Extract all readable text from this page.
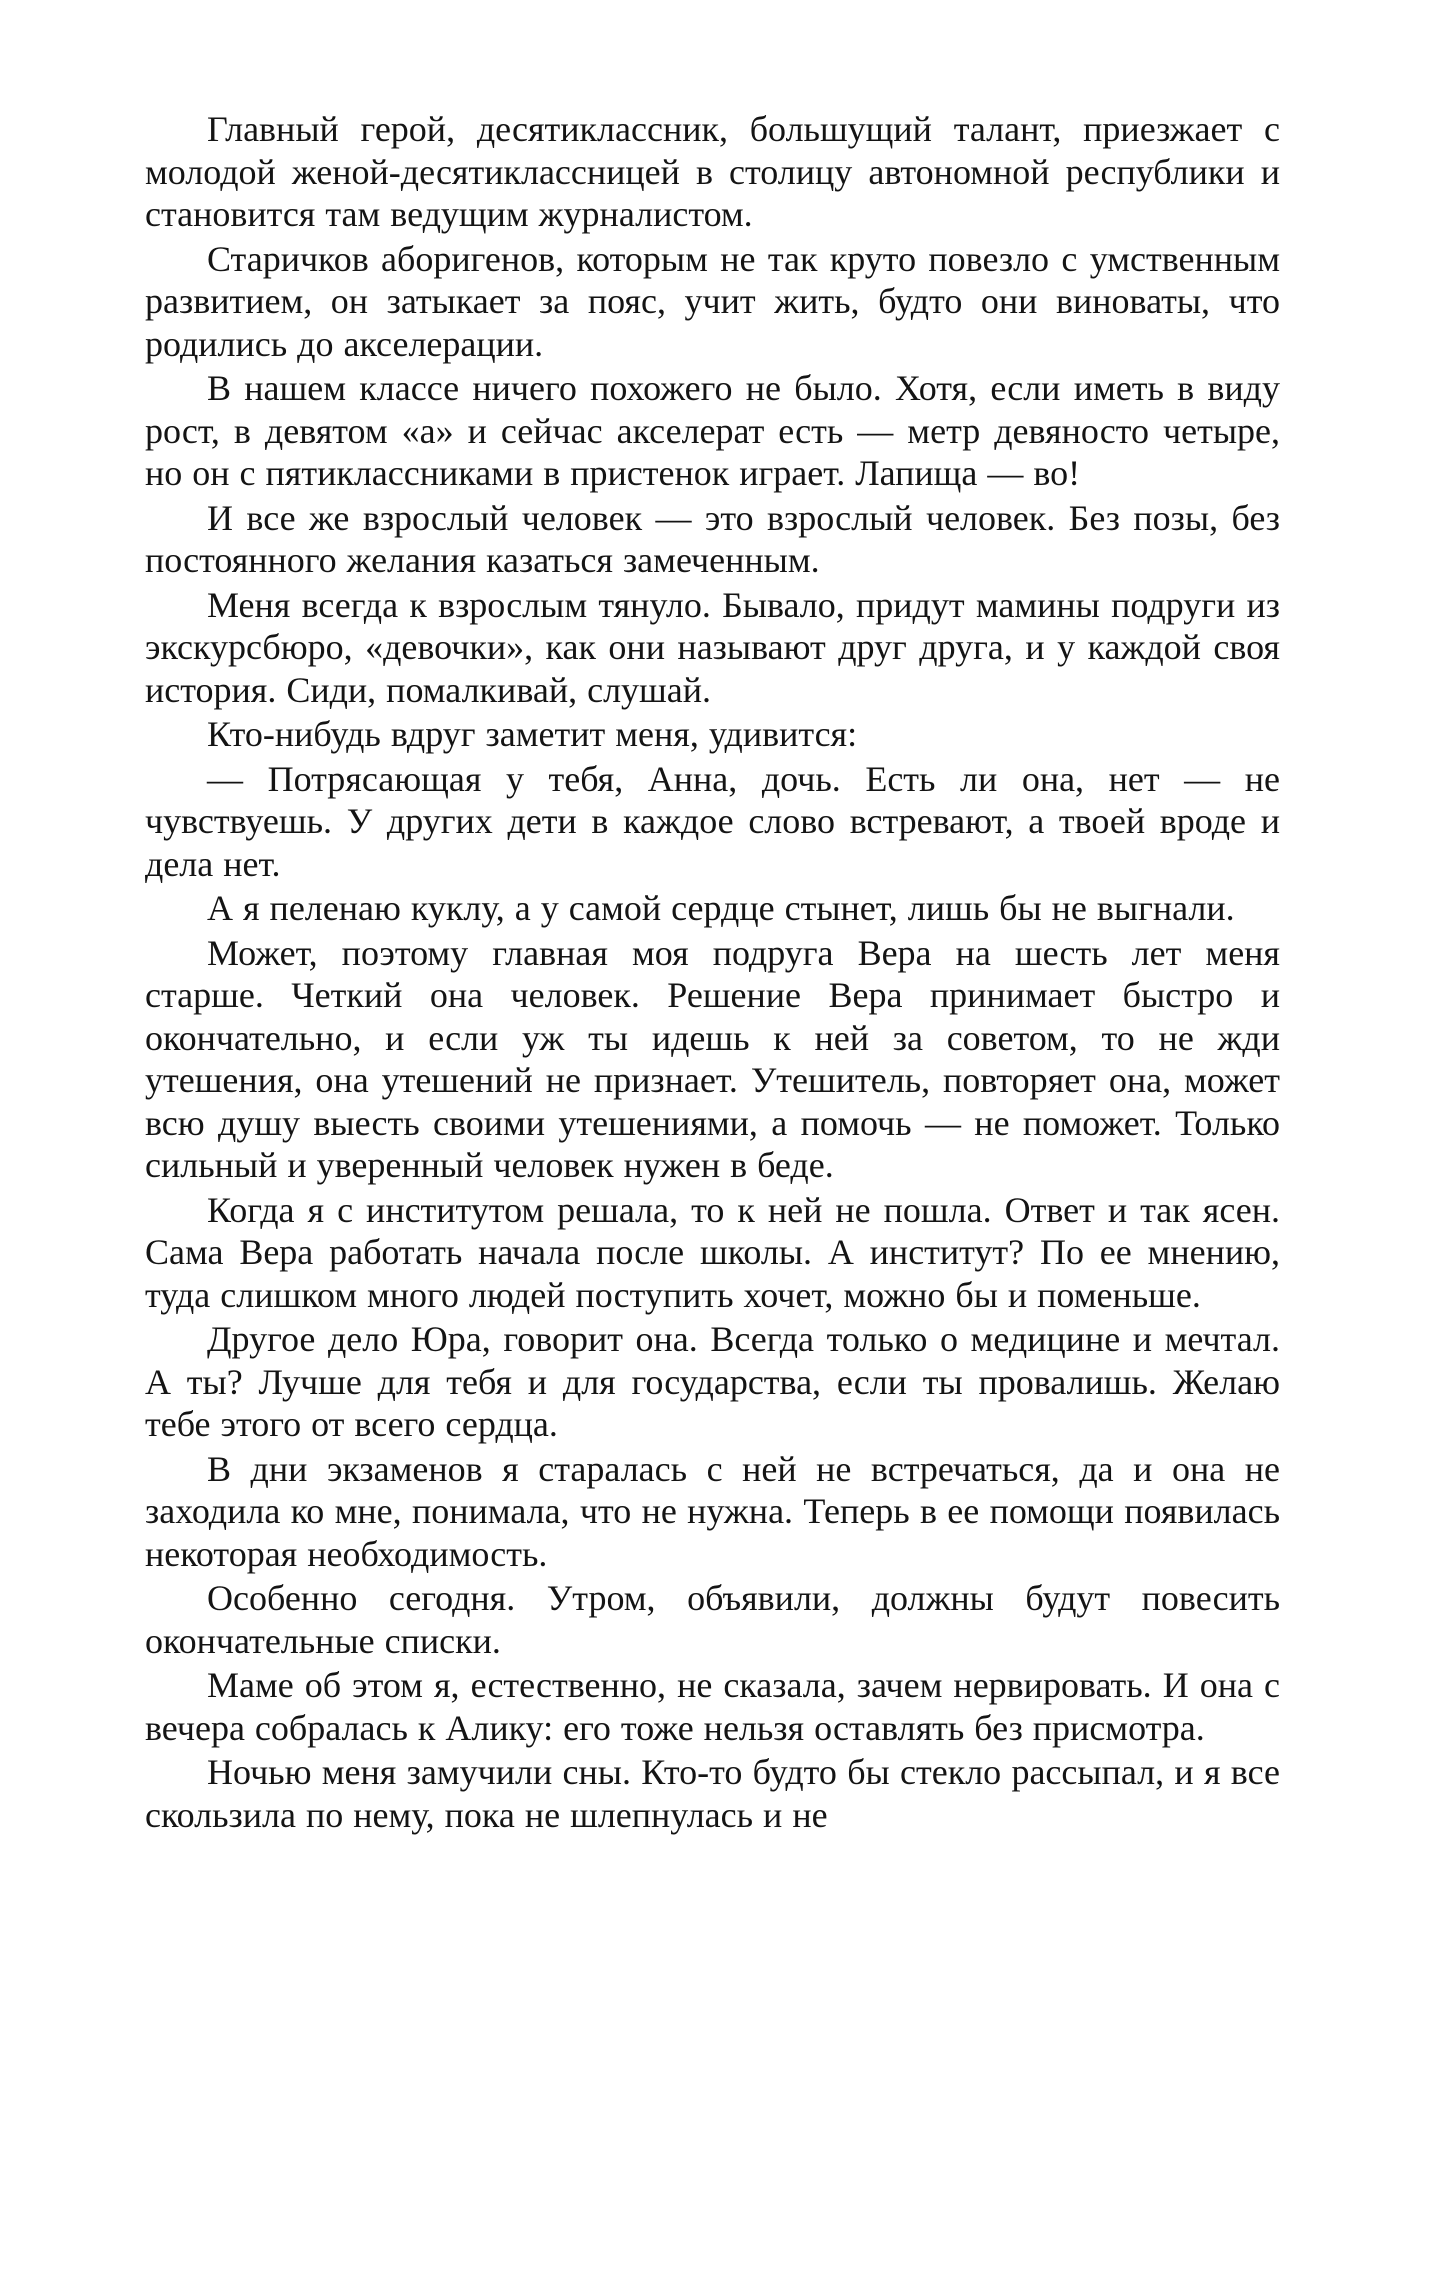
Главный герой, десятиклассник, большущий талант, приезжает с молодой женой-десятиклассницей в столицу автономной республики и становится там ведущим журналистом.

Старичков аборигенов, которым не так круто повезло с умственным развитием, он затыкает за пояс, учит жить, будто они виноваты, что родились до акселерации.

В нашем классе ничего похожего не было. Хотя, если иметь в виду рост, в девятом «а» и сейчас акселерат есть — метр девяносто четыре, но он с пятиклассниками в пристенок играет. Лапища — во!

И все же взрослый человек — это взрослый человек. Без позы, без постоянного желания казаться замеченным.

Меня всегда к взрослым тянуло. Бывало, придут мамины подруги из экскурсбюро, «девочки», как они называют друг друга, и у каждой своя история. Сиди, помалкивай, слушай.

Кто-нибудь вдруг заметит меня, удивится:

— Потрясающая у тебя, Анна, дочь. Есть ли она, нет — не чувствуешь. У других дети в каждое слово встревают, а твоей вроде и дела нет.

А я пеленаю куклу, а у самой сердце стынет, лишь бы не выгнали.

Может, поэтому главная моя подруга Вера на шесть лет меня старше. Четкий она человек. Решение Вера принимает быстро и окончательно, и если уж ты идешь к ней за советом, то не жди утешения, она утешений не признает. Утешитель, повторяет она, может всю душу выесть своими утешениями, а помочь — не поможет. Только сильный и уверенный человек нужен в беде.

Когда я с институтом решала, то к ней не пошла. Ответ и так ясен. Сама Вера работать начала после школы. А институт? По ее мнению, туда слишком много людей поступить хочет, можно бы и поменьше.

Другое дело Юра, говорит она. Всегда только о медицине и мечтал. А ты? Лучше для тебя и для государства, если ты провалишь. Желаю тебе этого от всего сердца.

В дни экзаменов я старалась с ней не встречаться, да и она не заходила ко мне, понимала, что не нужна. Теперь в ее помощи появилась некоторая необходимость.

Особенно сегодня. Утром, объявили, должны будут повесить окончательные списки.

Маме об этом я, естественно, не сказала, зачем нервировать. И она с вечера собралась к Алику: его тоже нельзя оставлять без присмотра.

Ночью меня замучили сны. Кто-то будто бы стекло рассыпал, и я все скользила по нему, пока не шлепнулась и не
